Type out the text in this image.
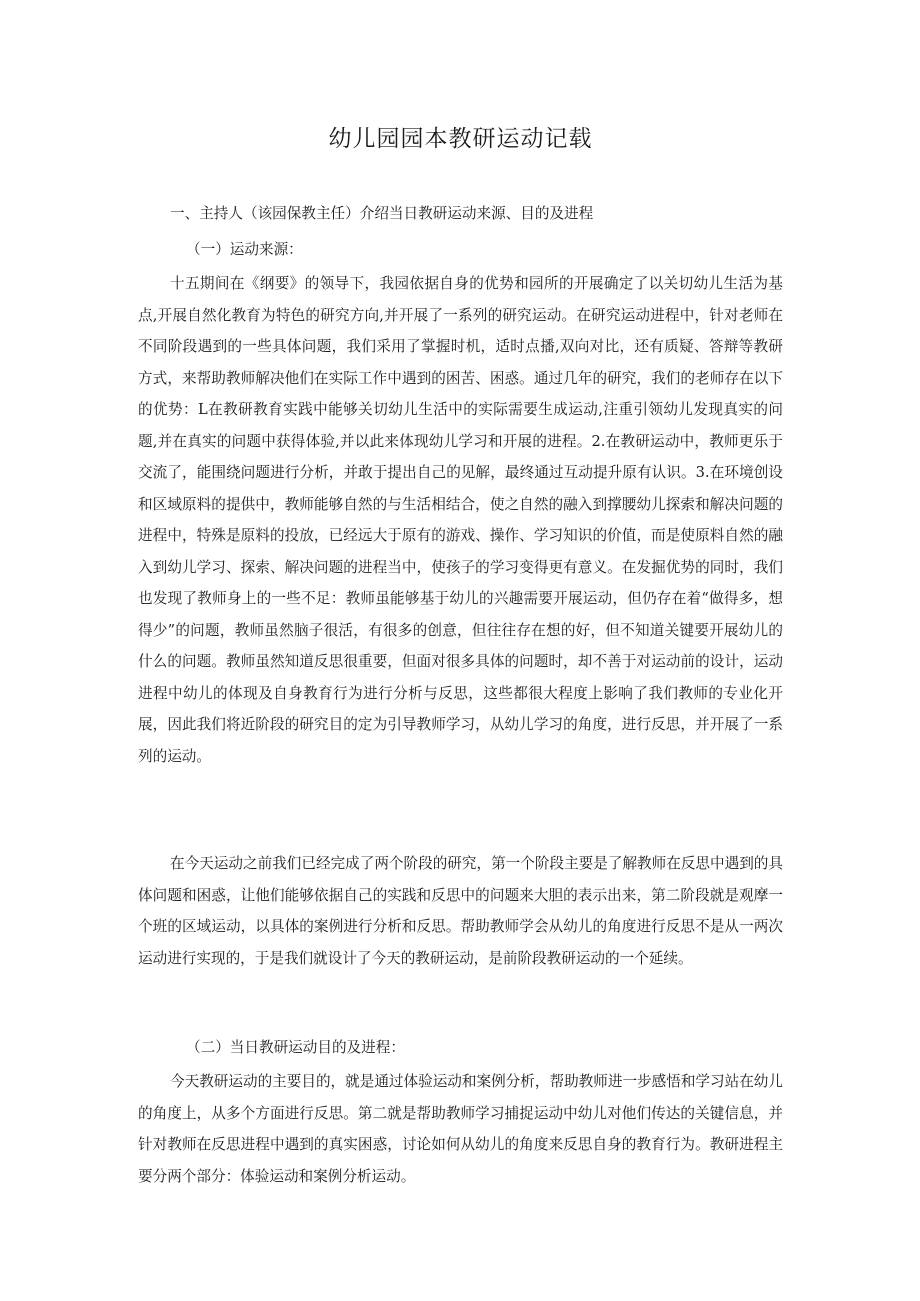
幼儿园园本教研运动记载

一、主持人（该园保教主任）介绍当日教研运动来源、目的及进程

（一）运动来源：

十五期间在《纲要》的领导下，我园依据自身的优势和园所的开展确定了以关切幼儿生活为基点,开展自然化教育为特色的研究方向,并开展了一系列的研究运动。在研究运动进程中，针对老师在不同阶段遇到的一些具体问题，我们采用了掌握时机，适时点播,双向对比，还有质疑、答辩等教研方式，来帮助教师解决他们在实际工作中遇到的困苦、困惑。通过几年的研究，我们的老师存在以下的优势：L在教研教育实践中能够关切幼儿生活中的实际需要生成运动,注重引领幼儿发现真实的问题,并在真实的问题中获得体验,并以此来体现幼儿学习和开展的进程。2.在教研运动中，教师更乐于交流了，能围绕问题进行分析，并敢于提出自己的见解，最终通过互动提升原有认识。3.在环境创设和区域原料的提供中，教师能够自然的与生活相结合，使之自然的融入到撑腰幼儿探索和解决问题的进程中，特殊是原料的投放，已经远大于原有的游戏、操作、学习知识的价值，而是使原料自然的融入到幼儿学习、探索、解决问题的进程当中，使孩子的学习变得更有意义。在发掘优势的同时，我们也发现了教师身上的一些不足：教师虽能够基于幼儿的兴趣需要开展运动，但仍存在着“做得多，想得少”的问题，教师虽然脑子很活，有很多的创意，但往往存在想的好，但不知道关键要开展幼儿的什么的问题。教师虽然知道反思很重要，但面对很多具体的问题时，却不善于对运动前的设计，运动进程中幼儿的体现及自身教育行为进行分析与反思，这些都很大程度上影响了我们教师的专业化开展，因此我们将近阶段的研究目的定为引导教师学习，从幼儿学习的角度，进行反思，并开展了一系列的运动。

在今天运动之前我们已经完成了两个阶段的研究，第一个阶段主要是了解教师在反思中遇到的具体问题和困惑，让他们能够依据自己的实践和反思中的问题来大胆的表示出来，第二阶段就是观摩一个班的区域运动，以具体的案例进行分析和反思。帮助教师学会从幼儿的角度进行反思不是从一两次运动进行实现的，于是我们就设计了今天的教研运动，是前阶段教研运动的一个延续。

（二）当日教研运动目的及进程：

今天教研运动的主要目的，就是通过体验运动和案例分析，帮助教师进一步感悟和学习站在幼儿的角度上，从多个方面进行反思。第二就是帮助教师学习捕捉运动中幼儿对他们传达的关键信息，并针对教师在反思进程中遇到的真实困惑，讨论如何从幼儿的角度来反思自身的教育行为。教研进程主要分两个部分：体验运动和案例分析运动。
